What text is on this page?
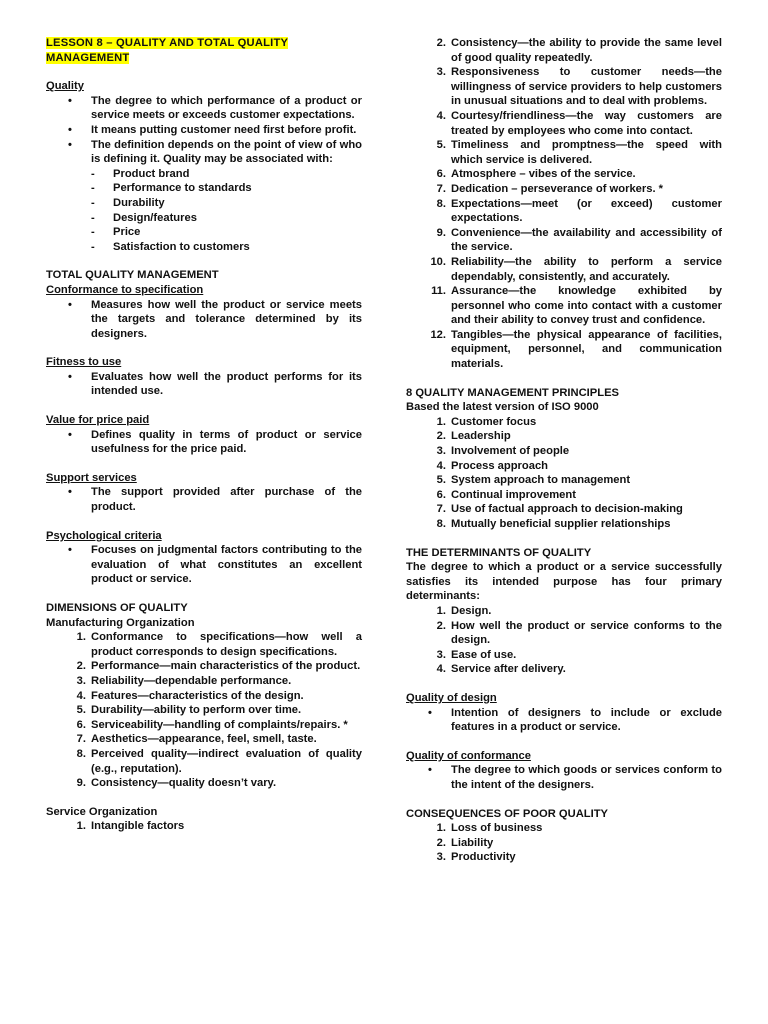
LESSON 8 – QUALITY AND TOTAL QUALITY MANAGEMENT
Quality
• The degree to which performance of a product or service meets or exceeds customer expectations.
• It means putting customer need first before profit.
• The definition depends on the point of view of who is defining it. Quality may be associated with:
- Product brand
- Performance to standards
- Durability
- Design/features
- Price
- Satisfaction to customers
TOTAL QUALITY MANAGEMENT
Conformance to specification
• Measures how well the product or service meets the targets and tolerance determined by its designers.
Fitness to use
• Evaluates how well the product performs for its intended use.
Value for price paid
• Defines quality in terms of product or service usefulness for the price paid.
Support services
• The support provided after purchase of the product.
Psychological criteria
• Focuses on judgmental factors contributing to the evaluation of what constitutes an excellent product or service.
DIMENSIONS OF QUALITY
Manufacturing Organization
1. Conformance to specifications—how well a product corresponds to design specifications.
2. Performance—main characteristics of the product.
3. Reliability—dependable performance.
4. Features—characteristics of the design.
5. Durability—ability to perform over time.
6. Serviceability—handling of complaints/repairs. *
7. Aesthetics—appearance, feel, smell, taste.
8. Perceived quality—indirect evaluation of quality (e.g., reputation).
9. Consistency—quality doesn’t vary.
Service Organization
1. Intangible factors
2. Consistency—the ability to provide the same level of good quality repeatedly.
3. Responsiveness to customer needs—the willingness of service providers to help customers in unusual situations and to deal with problems.
4. Courtesy/friendliness—the way customers are treated by employees who come into contact.
5. Timeliness and promptness—the speed with which service is delivered.
6. Atmosphere – vibes of the service.
7. Dedication – perseverance of workers. *
8. Expectations—meet (or exceed) customer expectations.
9. Convenience—the availability and accessibility of the service.
10. Reliability—the ability to perform a service dependably, consistently, and accurately.
11. Assurance—the knowledge exhibited by personnel who come into contact with a customer and their ability to convey trust and confidence.
12. Tangibles—the physical appearance of facilities, equipment, personnel, and communication materials.
8 QUALITY MANAGEMENT PRINCIPLES
Based the latest version of ISO 9000
1. Customer focus
2. Leadership
3. Involvement of people
4. Process approach
5. System approach to management
6. Continual improvement
7. Use of factual approach to decision-making
8. Mutually beneficial supplier relationships
THE DETERMINANTS OF QUALITY
The degree to which a product or a service successfully satisfies its intended purpose has four primary determinants:
1. Design.
2. How well the product or service conforms to the design.
3. Ease of use.
4. Service after delivery.
Quality of design
• Intention of designers to include or exclude features in a product or service.
Quality of conformance
• The degree to which goods or services conform to the intent of the designers.
CONSEQUENCES OF POOR QUALITY
1. Loss of business
2. Liability
3. Productivity
